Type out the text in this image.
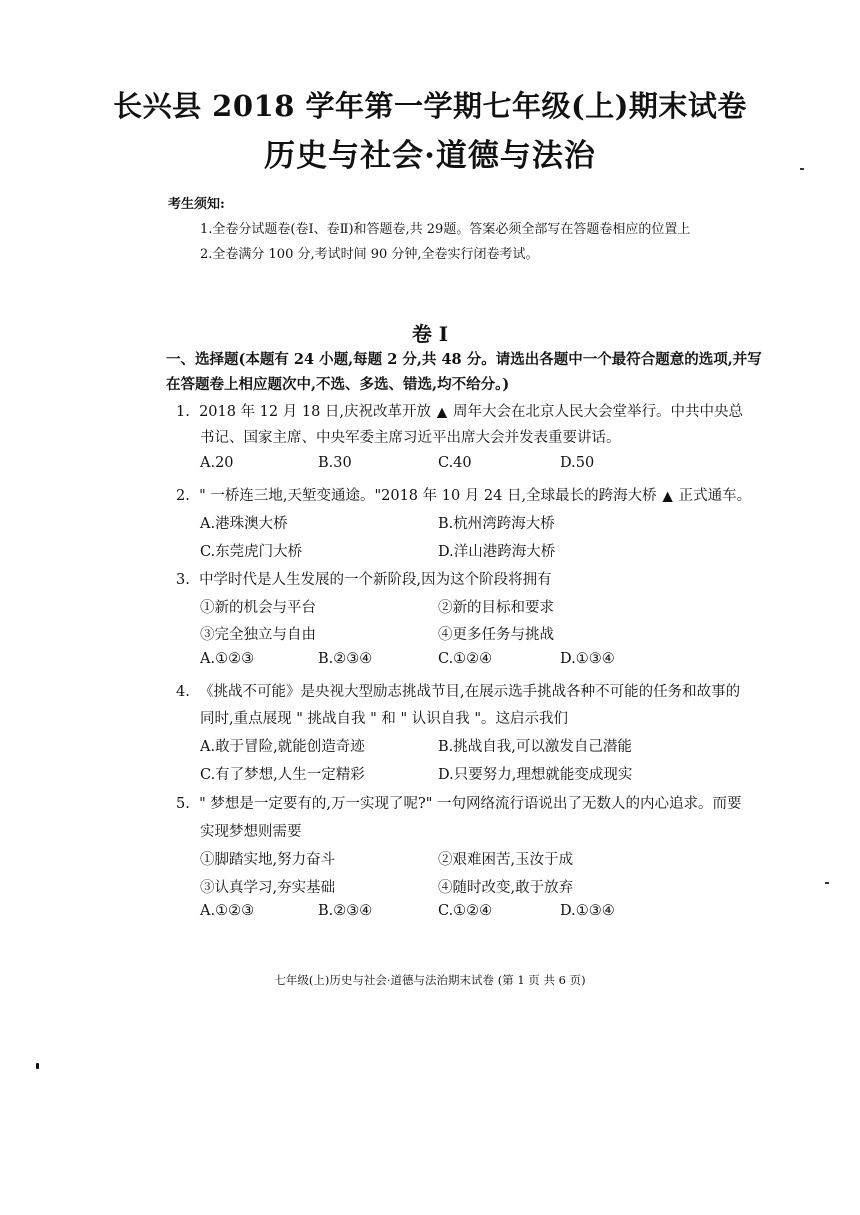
长兴县 2018 学年第一学期七年级(上)期末试卷
历史与社会·道德与法治
考生须知:
1.全卷分试题卷(卷Ⅰ、卷Ⅱ)和答题卷,共 29题。答案必须全部写在答题卷相应的位置上
2.全卷满分 100 分,考试时间 90 分钟,全卷实行闭卷考试。
卷 I
一、选择题(本题有 24 小题,每题 2 分,共 48 分。请选出各题中一个最符合题意的选项,并写
在答题卷上相应题次中,不选、多选、错选,均不给分。)
1. 2018 年 12 月 18 日,庆祝改革开放 ▲ 周年大会在北京人民大会堂举行。中共中央总
书记、国家主席、中央军委主席习近平出席大会并发表重要讲话。
A.20	B.30	C.40	D.50
2. " 一桥连三地,天堑变通途。"2018 年 10 月 24 日,全球最长的跨海大桥 ▲ 正式通车。
A.港珠澳大桥	B.杭州湾跨海大桥
C.东莞虎门大桥	D.洋山港跨海大桥
3. 中学时代是人生发展的一个新阶段,因为这个阶段将拥有
①新的机会与平台	②新的目标和要求
③完全独立与自由	④更多任务与挑战
A.①②③	B.②③④	C.①②④	D.①③④
4. 《挑战不可能》是央视大型励志挑战节目,在展示选手挑战各种不可能的任务和故事的
同时,重点展现 " 挑战自我 " 和 " 认识自我 "。这启示我们
A.敢于冒险,就能创造奇迹	B.挑战自我,可以激发自己潜能
C.有了梦想,人生一定精彩	D.只要努力,理想就能变成现实
5. " 梦想是一定要有的,万一实现了呢?" 一句网络流行语说出了无数人的内心追求。而要
实现梦想则需要
①脚踏实地,努力奋斗	②艰难困苦,玉汝于成
③认真学习,夯实基础	④随时改变,敢于放弃
A.①②③	B.②③④	C.①②④	D.①③④
七年级(上)历史与社会·道德与法治期末试卷 (第 1 页 共 6 页)
